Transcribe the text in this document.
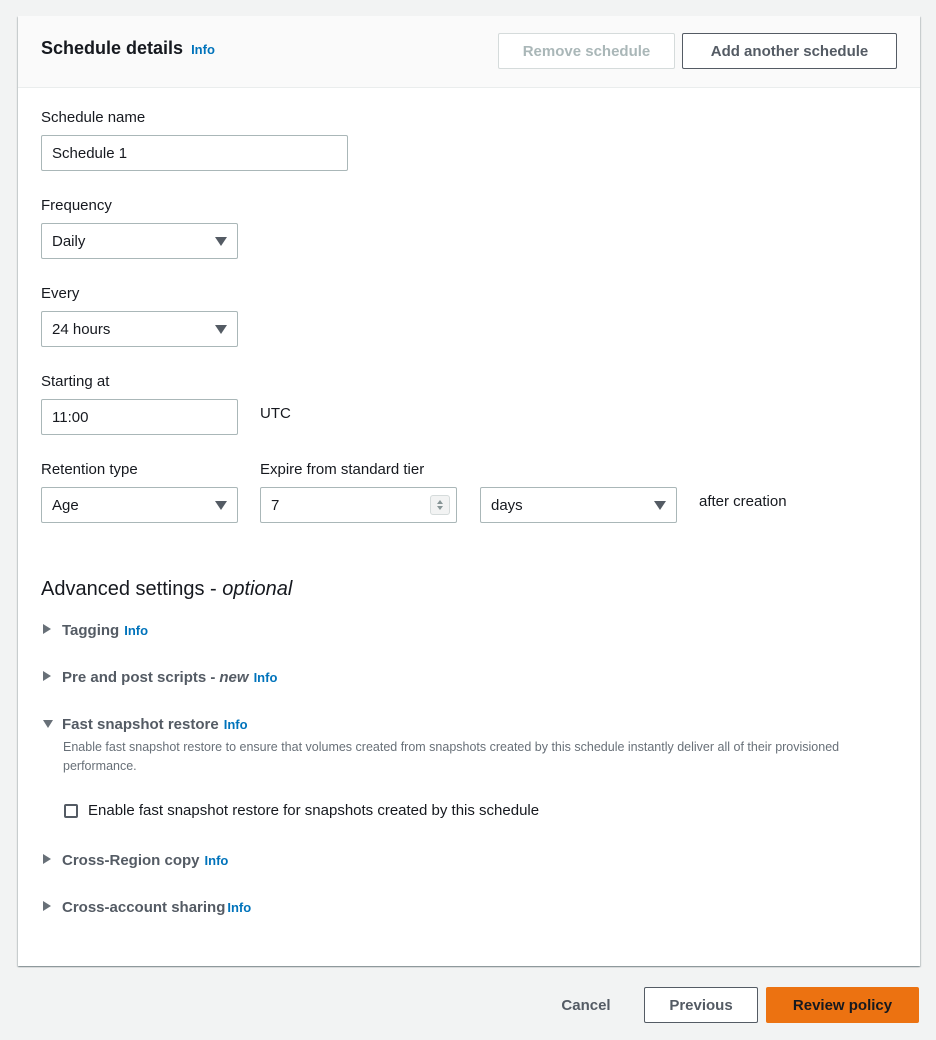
Schedule details Info	Remove schedule	Add another schedule
Schedule name
Schedule 1
Frequency
Daily
Every
24 hours
Starting at
11:00	UTC
Retention type
Age
Expire from standard tier
7	days	after creation
Advanced settings - optional
Tagging Info
Pre and post scripts - new Info
Fast snapshot restore Info
Enable fast snapshot restore to ensure that volumes created from snapshots created by this schedule instantly deliver all of their provisioned performance.
Enable fast snapshot restore for snapshots created by this schedule
Cross-Region copy Info
Cross-account sharing Info
Cancel	Previous	Review policy
